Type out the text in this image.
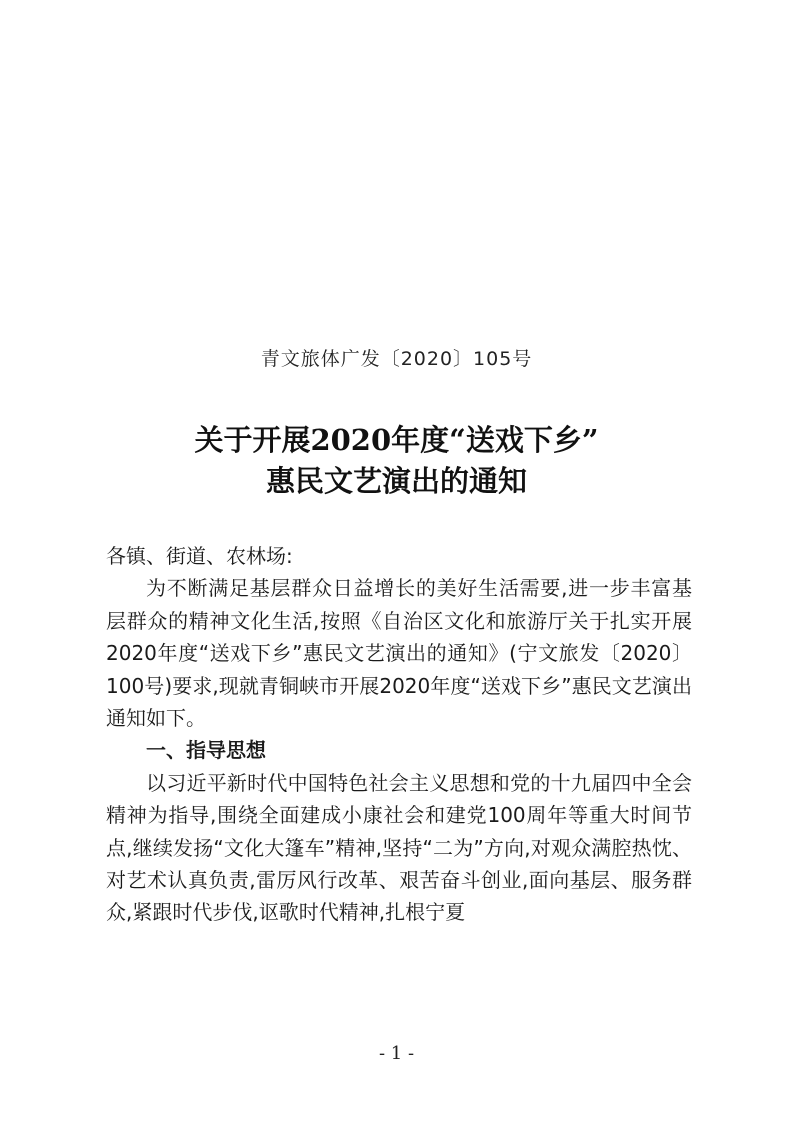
青文旅体广发〔2020〕105号
关于开展2020年度“送戏下乡”
惠民文艺演出的通知

各镇、街道、农林场:

为不断满足基层群众日益增长的美好生活需要,进一步丰富基层群众的精神文化生活,按照《自治区文化和旅游厅关于扎实开展2020年度“送戏下乡”惠民文艺演出的通知》(宁文旅发〔2020〕100号)要求,现就青铜峡市开展2020年度“送戏下乡”惠民文艺演出通知如下。

一、指导思想

以习近平新时代中国特色社会主义思想和党的十九届四中全会精神为指导,围绕全面建成小康社会和建党100周年等重大时间节点,继续发扬“文化大篷车”精神,坚持“二为”方向,对观众满腔热忱、对艺术认真负责,雷厉风行改革、艰苦奋斗创业,面向基层、服务群众,紧跟时代步伐,讴歌时代精神,扎根宁夏

- 1 -
